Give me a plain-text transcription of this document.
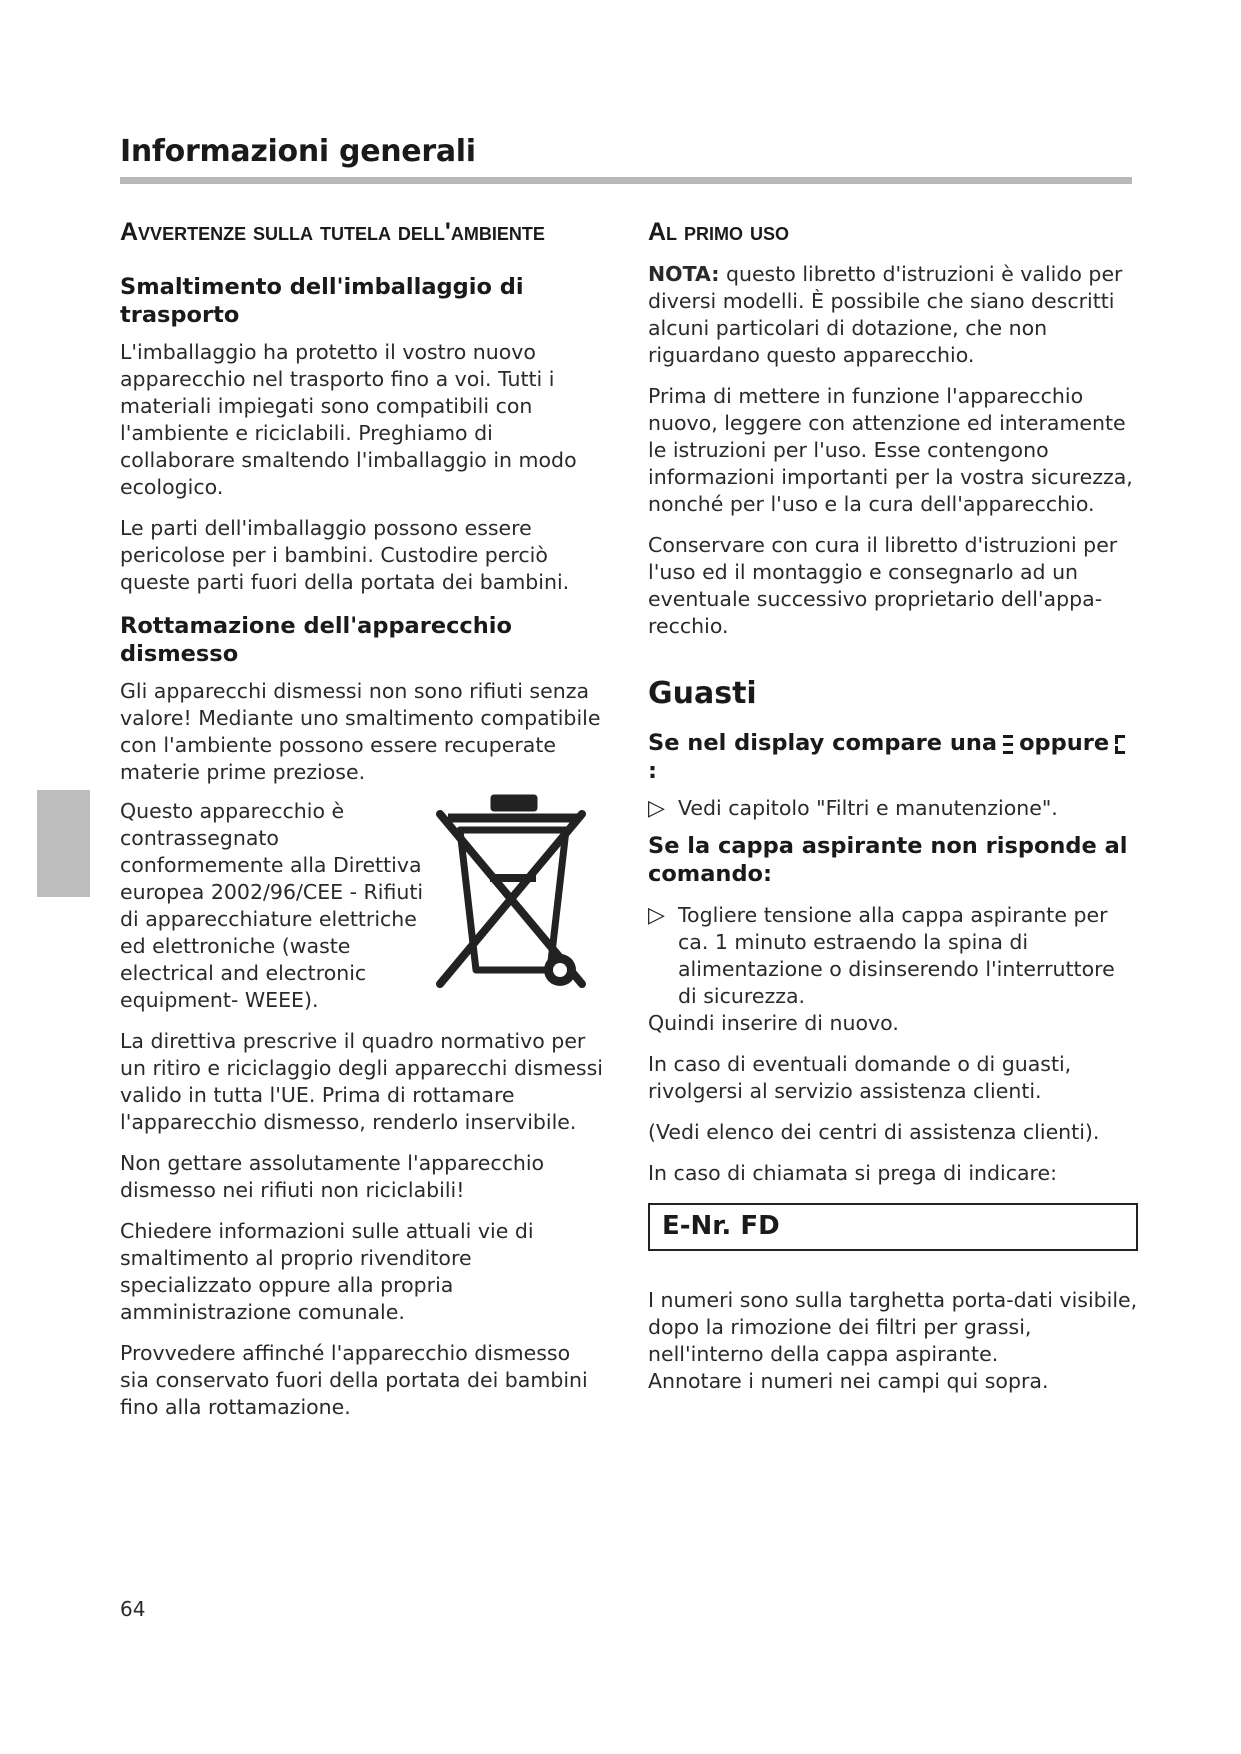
Informazioni generali
Avvertenze sulla tutela dell'ambiente
Smaltimento dell'imballaggio di trasporto

L'imballaggio ha protetto il vostro nuovo apparecchio nel trasporto fino a voi. Tutti i materiali impiegati sono compatibili con l'ambiente e riciclabili. Preghiamo di collaborare smaltendo l'imballaggio in modo ecologico.

Le parti dell'imballaggio possono essere pericolose per i bambini. Custodire perciò queste parti fuori della portata dei bambini.

Rottamazione dell'apparecchio dismesso

Gli apparecchi dismessi non sono rifiuti senza valore! Mediante uno smaltimento compatibile con l'ambiente possono essere recuperate materie prime preziose.

Questo apparecchio è contrassegnato conformemente alla Direttiva europea 2002/96/CEE - Rifiuti di apparecchiature elettriche ed elettroniche (waste electrical and electronic equipment- WEEE).

La direttiva prescrive il quadro normativo per un ritiro e riciclaggio degli apparecchi dismessi valido in tutta l'UE. Prima di rottamare l'apparecchio dismesso, renderlo inservibile.

Non gettare assolutamente l'apparecchio dismesso nei rifiuti non riciclabili!

Chiedere informazioni sulle attuali vie di smaltimento al proprio rivenditore specializzato oppure alla propria amministrazione comunale.

Provvedere affinché l'apparecchio dismesso sia conservato fuori della portata dei bambini fino alla rottamazione.

Al primo uso

NOTA: questo libretto d'istruzioni è valido per diversi modelli. È possibile che siano descritti alcuni particolari di dotazione, che non riguardano questo apparecchio.

Prima di mettere in funzione l'apparecchio nuovo, leggere con attenzione ed interamente le istruzioni per l'uso. Esse contengono informazioni importanti per la vostra sicurezza, nonché per l'uso e la cura dell'apparecchio.

Conservare con cura il libretto d'istruzioni per l'uso ed il montaggio e consegnarlo ad un eventuale successivo proprietario dell'appa-recchio.

Guasti
Se nel display compare una oppure:
▷ Vedi capitolo "Filtri e manutenzione".

Se la cappa aspirante non risponde al comando:
▷ Togliere tensione alla cappa aspirante per ca. 1 minuto estraendo la spina di alimentazione o disinserendo l'interruttore di sicurezza.

Quindi inserire di nuovo.

In caso di eventuali domande o di guasti, rivolgersi al servizio assistenza clienti.

(Vedi elenco dei centri di assistenza clienti).

In caso di chiamata si prega di indicare:

E-Nr. FD

I numeri sono sulla targhetta porta-dati visibile, dopo la rimozione dei filtri per grassi, nell'interno della cappa aspirante.

Annotare i numeri nei campi qui sopra.

64
